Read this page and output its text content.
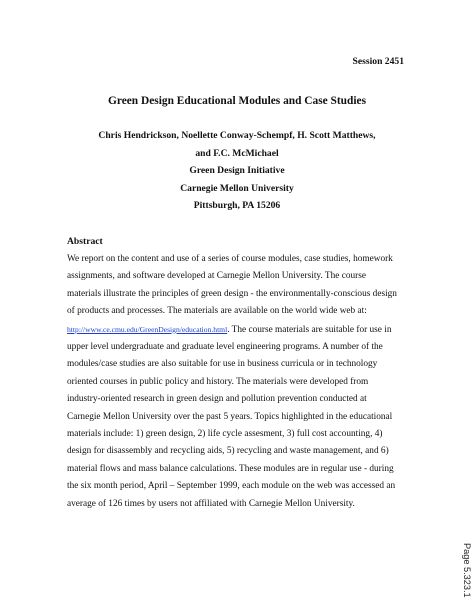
Session 2451
Green Design Educational Modules and Case Studies
Chris Hendrickson, Noellette Conway-Schempf, H. Scott Matthews,
and F.C. McMichael
Green Design Initiative
Carnegie Mellon University
Pittsburgh, PA 15206
Abstract
We report on the content and use of a series of course modules, case studies, homework
assignments, and software developed at Carnegie Mellon University. The course
materials illustrate the principles of green design - the environmentally-conscious design
of products and processes. The materials are available on the world wide web at:
http://www.ce.cmu.edu/GreenDesign/education.html. The course materials are suitable for use in
upper level undergraduate and graduate level engineering programs. A number of the
modules/case studies are also suitable for use in business curricula or in technology
oriented courses in public policy and history. The materials were developed from
industry-oriented research in green design and pollution prevention conducted at
Carnegie Mellon University over the past 5 years. Topics highlighted in the educational
materials include: 1) green design, 2) life cycle assesment, 3) full cost accounting, 4)
design for disassembly and recycling aids, 5) recycling and waste management, and 6)
material flows and mass balance calculations. These modules are in regular use - during
the six month period, April – September 1999, each module on the web was accessed an
average of 126 times by users not affiliated with Carnegie Mellon University.
Page 5.323.1
